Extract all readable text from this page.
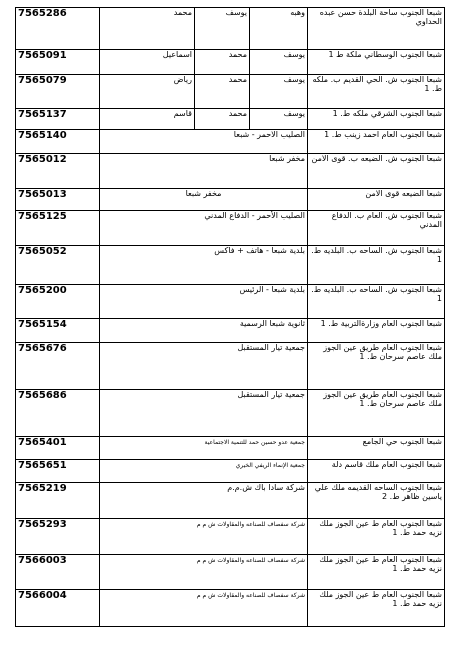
7565286	محمد	يوسف	وهبه	شبعا الجنوب ساحة البلدة حسن عبده الحداوي
7565091	اسماعيل	محمد	يوسف	شبعا الجنوب الوسطاني ملكة ط 1
7565079	رياض	محمد	يوسف	شبعا الجنوب ش. الحي القديم ب. ملكه ط. 1
7565137	قاسم	محمد	يوسف	شبعا الجنوب الشرقي ملكه ط. 1
7565140	الصليب الاحمر - شبعا			شبعا الجنوب العام احمد زينب ط. 1
7565012	مخفر شبعا			شبعا الجنوب ش. الضيعه ب. قوى الامن
7565013	مخفر شبعا			شبعا الضيعه قوى الامن
7565125	الصليب الأحمر - الدفاع المدني			شبعا الجنوب ش. العام ب. الدفاع المدني
7565052	بلدية شبعا - هاتف + فاكس			شبعا الجنوب ش. الساحه ب. البلديه ط. 1
7565200	بلدية شبعا - الرئيس			شبعا الجنوب ش. الساحه ب. البلديه ط. 1
7565154	ثانوية شبعا الرسمية			شبعا الجنوب العام وزارةالتربية ط. 1
7565676	جمعية تيار المستقبل			شبعا الجنوب العام طريق عين الجوز ملك عاصم سرحان ط. 1
7565686	جمعية تيار المستقبل			شبعا الجنوب العام طريق عين الجوز ملك عاصم سرحان ط. 1
7565401	جمعية عدو حسين حمد للتنمية الاجتماعية			شبعا الجنوب حي الجامع
7565651	جمعية الإنماء الريفي الخيري			شبعا الجنوب العام ملك قاسم دلة
7565219	شركة سادا باك ش.م.م			شبعا الجنوب الساحه القديمه ملك علي ياسين ظاهر ط. 2
7565293	شركة سفصاف للصناعه والمقاولات ش م م			شبعا الجنوب العام ط عين الجوز ملك نزيه حمد ط. 1
7566003	شركة سفصاف للصناعه والمقاولات ش م م			شبعا الجنوب العام ط عين الجوز ملك نزيه حمد ط. 1
7566004	شركة سفصاف للصناعه والمقاولات ش م م			شبعا الجنوب العام ط عين الجوز ملك نزيه حمد ط. 1
